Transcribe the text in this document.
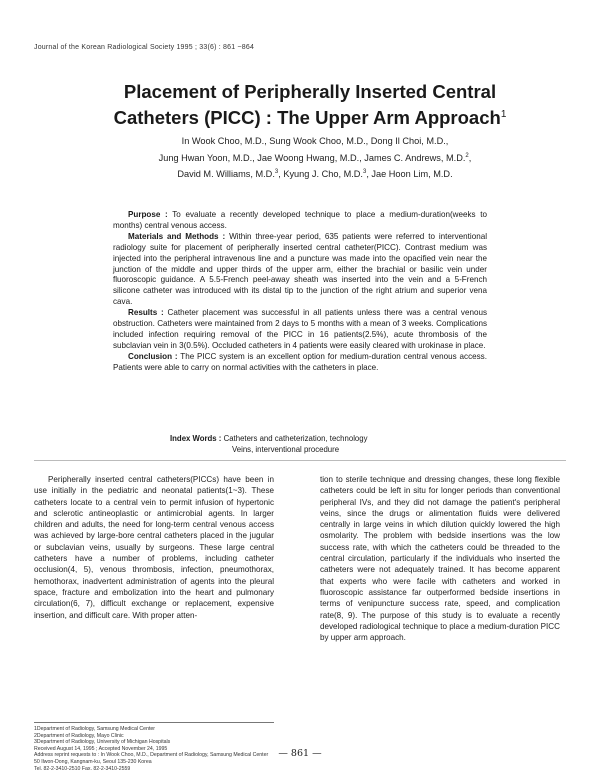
Journal of the Korean Radiological Society 1995 ; 33(6) : 861 ~864
Placement of Peripherally Inserted Central
Catheters (PICC) : The Upper Arm Approach$^1$
In Wook Choo, M.D., Sung Wook Choo, M.D., Dong Il Choi, M.D.,
Jung Hwan Yoon, M.D., Jae Woong Hwang, M.D., James C. Andrews, M.D.$^2$,
David M. Williams, M.D.$^3$, Kyung J. Cho, M.D.$^3$, Jae Hoon Lim, M.D.

Purpose : To evaluate a recently developed technique to place a medium-duration(weeks to months) central venous access.

Materials and Methods : Within three-year period, 635 patients were referred to interventional radiology suite for placement of peripherally inserted central catheter(PICC). Contrast medium was injected into the peripheral intravenous line and a puncture was made into the opacified vein near the junction of the middle and upper thirds of the upper arm, either the brachial or basilic vein under fluoroscopic guidance. A 5.5-French peel-away sheath was inserted into the vein and a 5-French silicone catheter was introduced with its distal tip to the junction of the right atrium and superior vena cava.

Results : Catheter placement was successful in all patients unless there was a central venous obstruction. Catheters were maintained from 2 days to 5 months with a mean of 3 weeks. Complications included infection requiring removal of the PICC in 16 patients(2.5%), acute thrombosis of the subclavian vein in 3(0.5%). Occluded catheters in 4 patients were easily cleared with urokinase in place.

Conclusion : The PICC system is an excellent option for medium-duration central venous access. Patients were able to carry on normal activities with the catheters in place.

Index Words : Catheters and catheterization, technology
Veins, interventional procedure

Peripherally inserted central catheters(PICCs) have been in use initially in the pediatric and neonatal patients(1~3). These catheters locate to a central vein to permit infusion of hypertonic and sclerotic antineoplastic or antimicrobial agents. In larger children and adults, the need for long-term central venous access was achieved by large-bore central catheters placed in the jugular or subclavian veins, usually by surgeons. These large central catheters have a number of problems, including catheter occlusion(4, 5), venous thrombosis, infection, pneumothorax, hemothorax, inadvertent administration of agents into the pleural space, fracture and embolization into the heart and pulmonary circulation(6, 7), difficult exchange or replacement, expensive insertion, and difficult care. With proper atten-

tion to sterile technique and dressing changes, these long flexible catheters could be left in situ for longer periods than conventional peripheral IVs, and they did not damage the patient's peripheral veins, since the drugs or alimentation fluids were delivered centrally in large veins in which dilution quickly lowered the high osmolarity. The problem with bedside insertions was the low success rate, with which the catheters could be threaded to the central circulation, particularly if the individuals who inserted the catheters were not adequately trained. It has become apparent that experts who were facile with catheters and worked in fluoroscopic assistance far outperformed bedside insertions in terms of venipuncture success rate, speed, and complication rate(8, 9). The purpose of this study is to evaluate a recently developed radiological technique to place a medium-duration PICC by upper arm approach.

1Department of Radiology, Samsung Medical Center
2Department of Radiology, Mayo Clinic
3Department of Radiology, University of Michigan Hospitals
Received August 14, 1995 ; Accepted November 24, 1995
Address reprint requests to : In Wook Choo, M.D., Department of Radiology, Samsung Medical Center
50 Ilwon-Dong, Kangnam-ku, Seoul 135-230 Korea
Tel. 82-2-3410-2510 Fax. 82-2-3410-2559
— 861 —
